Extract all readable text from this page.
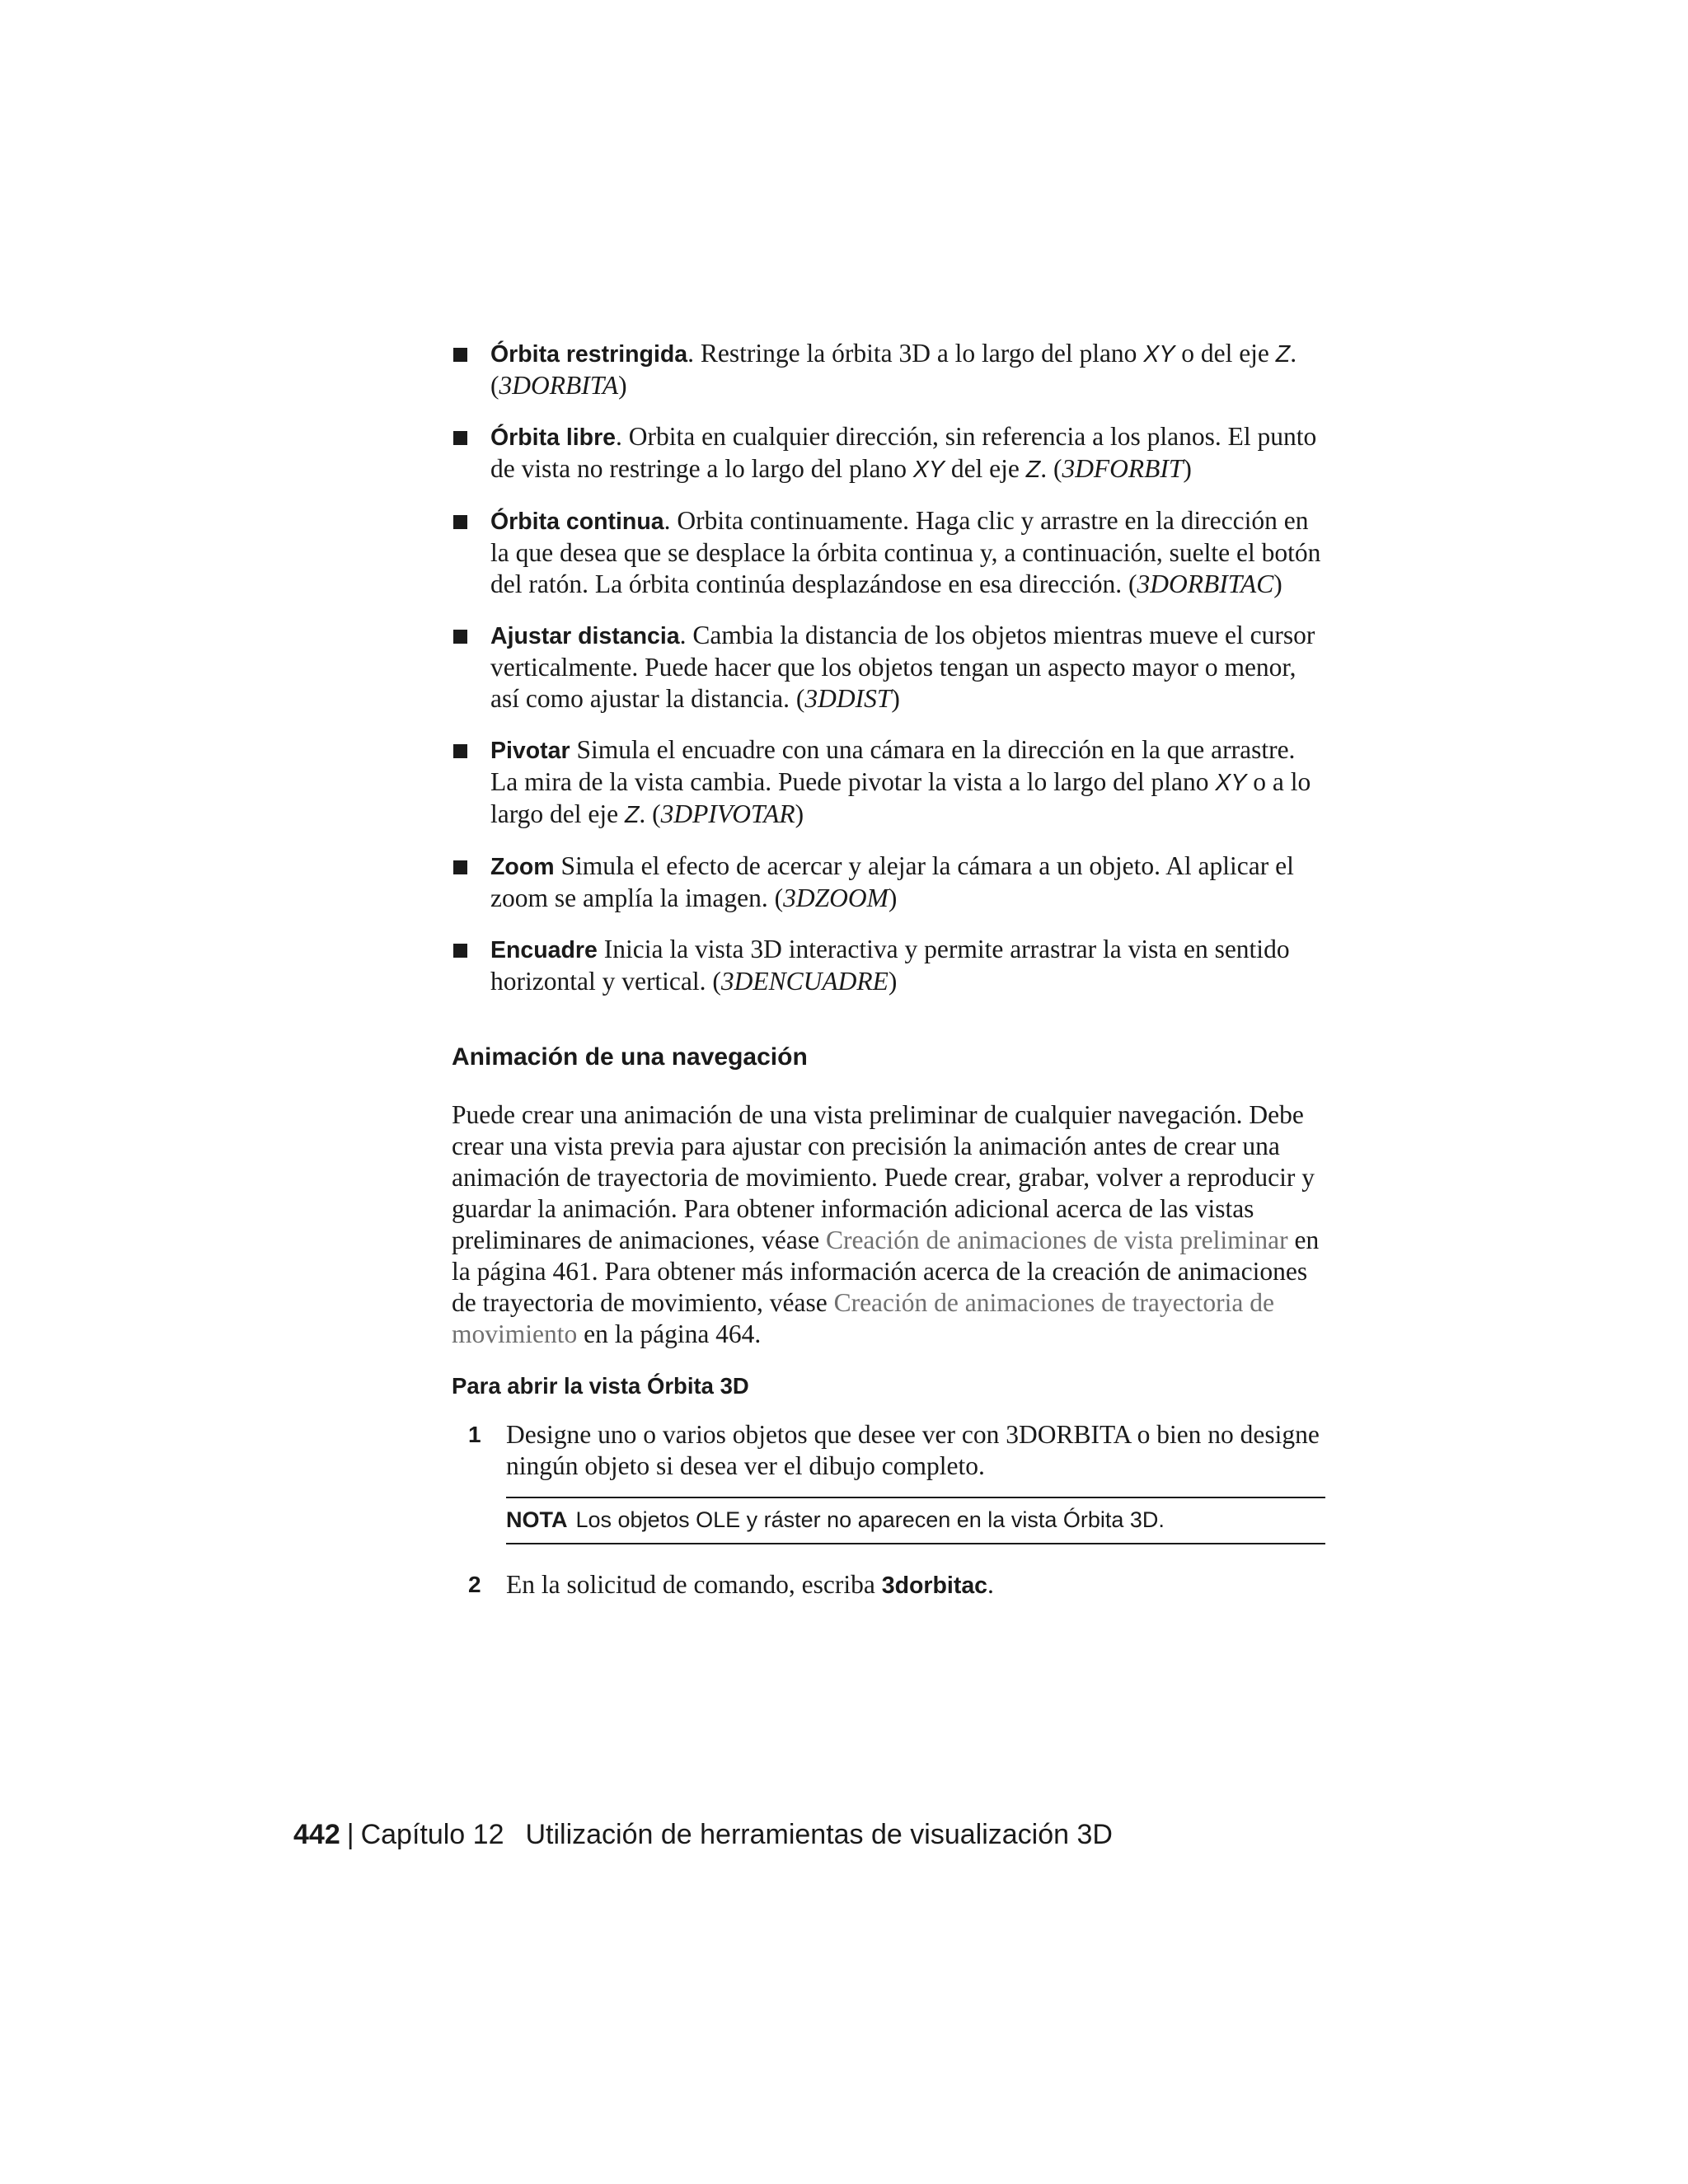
Órbita restringida. Restringe la órbita 3D a lo largo del plano XY o del eje Z. (3DORBITA)
Órbita libre. Orbita en cualquier dirección, sin referencia a los planos. El punto de vista no restringe a lo largo del plano XY del eje Z. (3DFORBIT)
Órbita continua. Orbita continuamente. Haga clic y arrastre en la dirección en la que desea que se desplace la órbita continua y, a continuación, suelte el botón del ratón. La órbita continúa desplazándose en esa dirección. (3DORBITAC)
Ajustar distancia. Cambia la distancia de los objetos mientras mueve el cursor verticalmente. Puede hacer que los objetos tengan un aspecto mayor o menor, así como ajustar la distancia. (3DDIST)
Pivotar Simula el encuadre con una cámara en la dirección en la que arrastre. La mira de la vista cambia. Puede pivotar la vista a lo largo del plano XY o a lo largo del eje Z. (3DPIVOTAR)
Zoom Simula el efecto de acercar y alejar la cámara a un objeto. Al aplicar el zoom se amplía la imagen. (3DZOOM)
Encuadre Inicia la vista 3D interactiva y permite arrastrar la vista en sentido horizontal y vertical. (3DENCUADRE)
Animación de una navegación

Puede crear una animación de una vista preliminar de cualquier navegación. Debe crear una vista previa para ajustar con precisión la animación antes de crear una animación de trayectoria de movimiento. Puede crear, grabar, volver a reproducir y guardar la animación. Para obtener información adicional acerca de las vistas preliminares de animaciones, véase Creación de animaciones de vista preliminar en la página 461. Para obtener más información acerca de la creación de animaciones de trayectoria de movimiento, véase Creación de animaciones de trayectoria de movimiento en la página 464.

Para abrir la vista Órbita 3D
1 Designe uno o varios objetos que desee ver con 3DORBITA o bien no designe ningún objeto si desea ver el dibujo completo.
NOTA Los objetos OLE y ráster no aparecen en la vista Órbita 3D.
2 En la solicitud de comando, escriba 3dorbitac.
442 | Capítulo 12 Utilización de herramientas de visualización 3D
